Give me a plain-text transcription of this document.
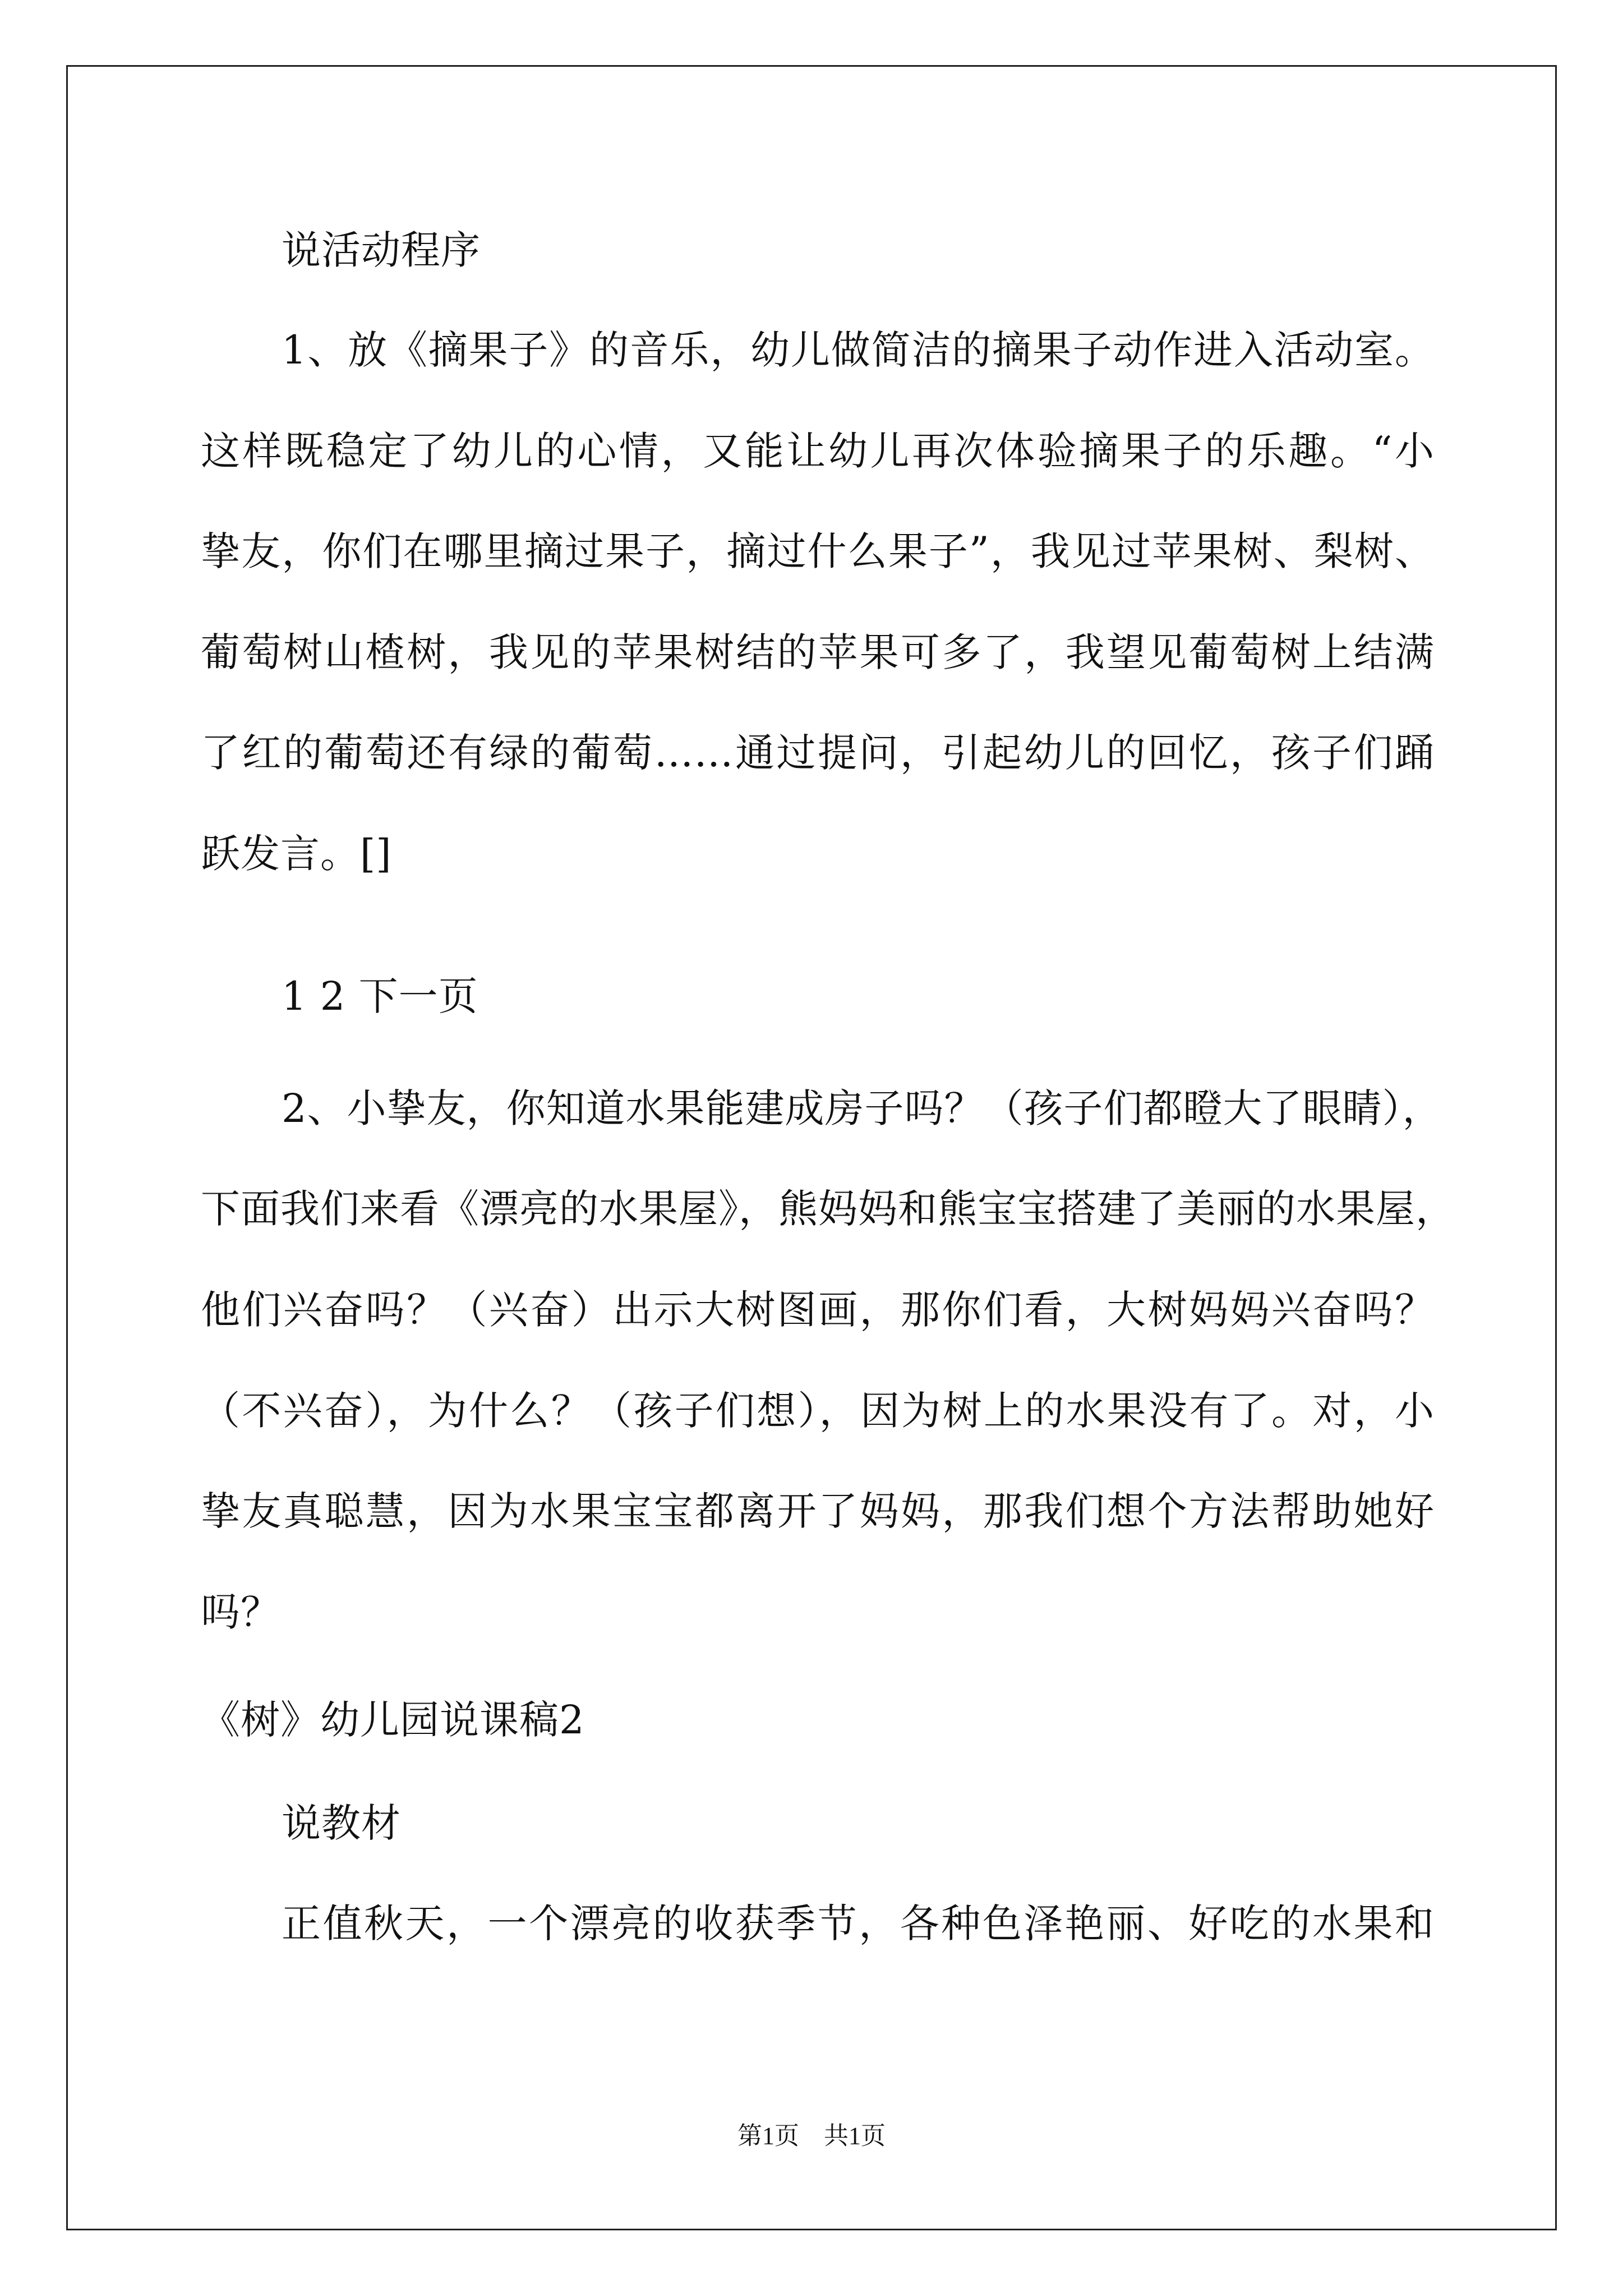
说活动程序
1、放《摘果子》的音乐，幼儿做简洁的摘果子动作进入活动室。
这样既稳定了幼儿的心情，又能让幼儿再次体验摘果子的乐趣。“小
挚友，你们在哪里摘过果子，摘过什么果子”，我见过苹果树、梨树、
葡萄树山楂树，我见的苹果树结的苹果可多了，我望见葡萄树上结满
了红的葡萄还有绿的葡萄……通过提问，引起幼儿的回忆，孩子们踊
跃发言。[]
1 2 下一页
2、小挚友，你知道水果能建成房子吗？（孩子们都瞪大了眼睛），
下面我们来看《漂亮的水果屋》，熊妈妈和熊宝宝搭建了美丽的水果屋，
他们兴奋吗？（兴奋）出示大树图画，那你们看，大树妈妈兴奋吗？
（不兴奋），为什么？（孩子们想），因为树上的水果没有了。对，小
挚友真聪慧，因为水果宝宝都离开了妈妈，那我们想个方法帮助她好
吗？
《树》幼儿园说课稿2
说教材
正值秋天，一个漂亮的收获季节，各种色泽艳丽、好吃的水果和
第1页　共1页
